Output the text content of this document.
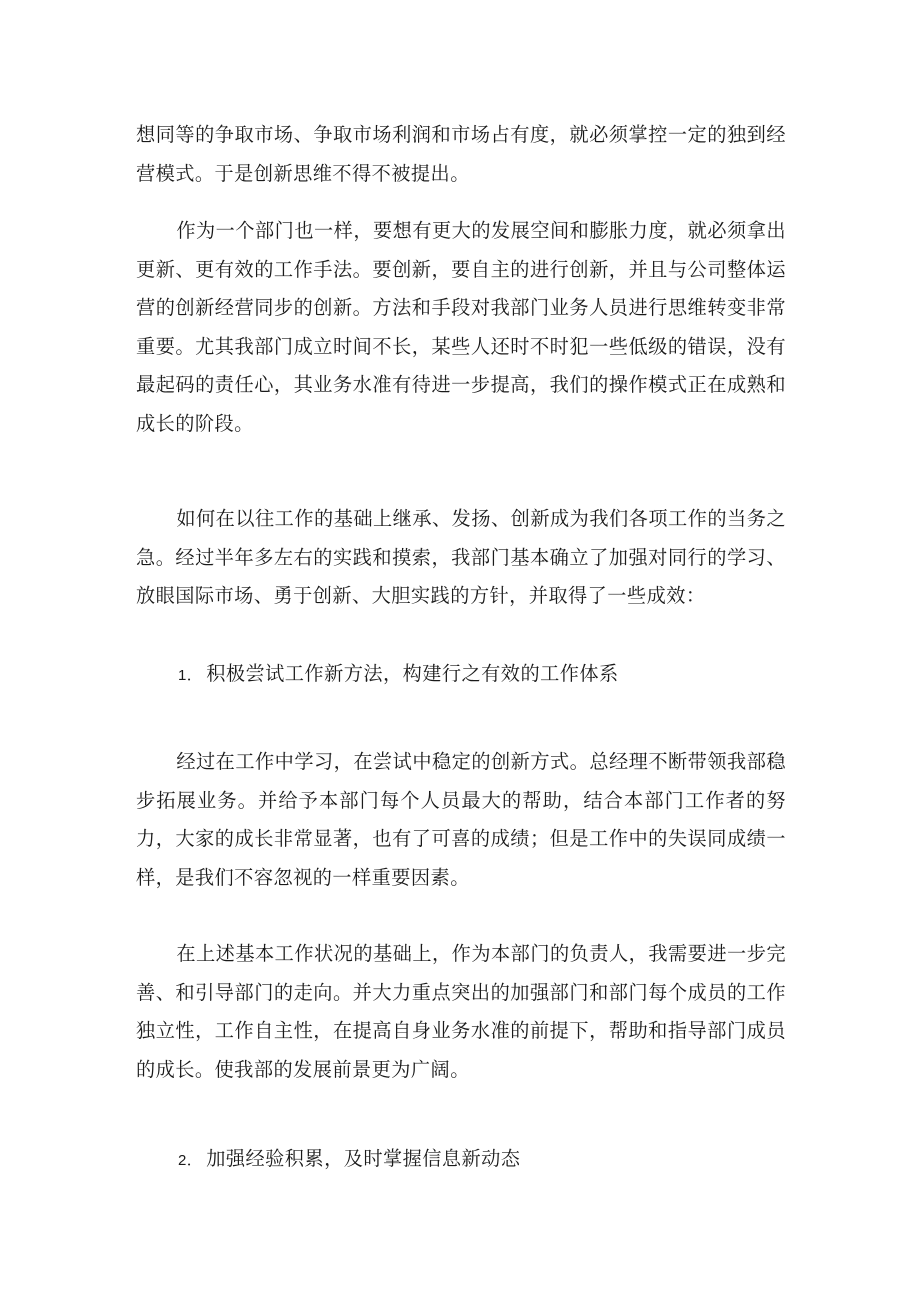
想同等的争取市场、争取市场利润和市场占有度，就必须掌控一定的独到经营模式。于是创新思维不得不被提出。

作为一个部门也一样，要想有更大的发展空间和膨胀力度，就必须拿出更新、更有效的工作手法。要创新，要自主的进行创新，并且与公司整体运营的创新经营同步的创新。方法和手段对我部门业务人员进行思维转变非常重要。尤其我部门成立时间不长，某些人还时不时犯一些低级的错误，没有最起码的责任心，其业务水准有待进一步提高，我们的操作模式正在成熟和成长的阶段。

如何在以往工作的基础上继承、发扬、创新成为我们各项工作的当务之急。经过半年多左右的实践和摸索，我部门基本确立了加强对同行的学习、放眼国际市场、勇于创新、大胆实践的方针，并取得了一些成效：

1． 积极尝试工作新方法，构建行之有效的工作体系

经过在工作中学习，在尝试中稳定的创新方式。总经理不断带领我部稳步拓展业务。并给予本部门每个人员最大的帮助，结合本部门工作者的努力，大家的成长非常显著，也有了可喜的成绩；但是工作中的失误同成绩一样，是我们不容忽视的一样重要因素。

在上述基本工作状况的基础上，作为本部门的负责人，我需要进一步完善、和引导部门的走向。并大力重点突出的加强部门和部门每个成员的工作独立性，工作自主性，在提高自身业务水准的前提下，帮助和指导部门成员的成长。使我部的发展前景更为广阔。

2． 加强经验积累，及时掌握信息新动态
